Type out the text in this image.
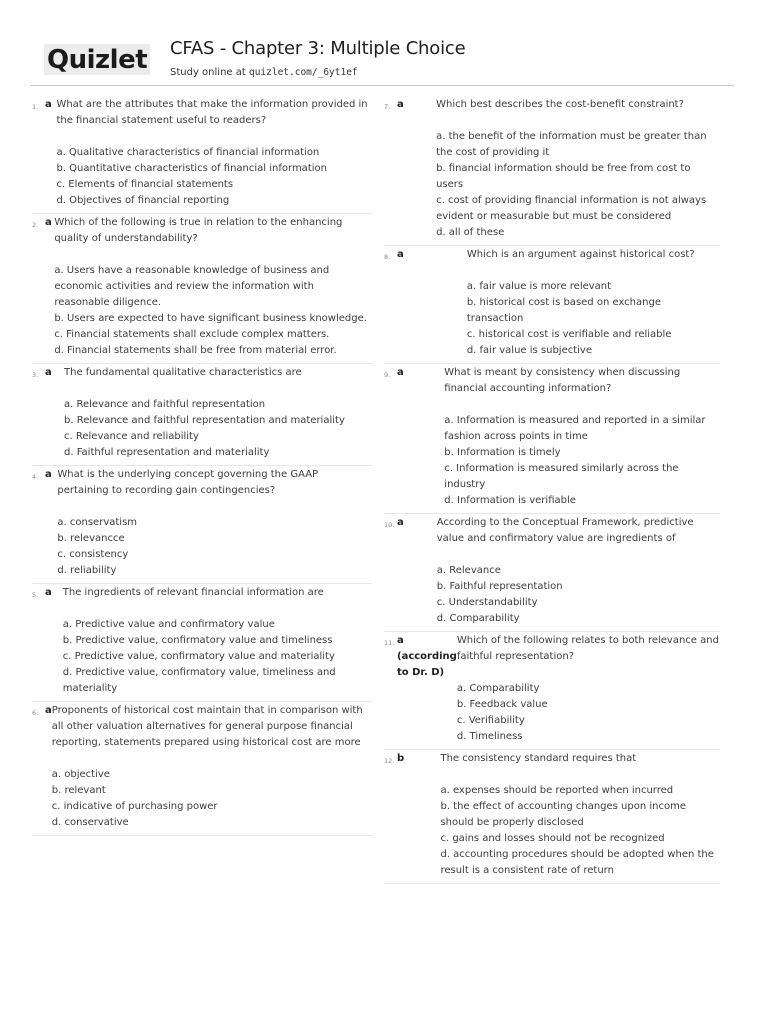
Quizlet CFAS - Chapter 3: Multiple Choice
Study online at quizlet.com/_6yt1ef
1. a What are the attributes that make the information provided in the financial statement useful to readers?
a. Qualitative characteristics of financial information
b. Quantitative characteristics of financial information
c. Elements of financial statements
d. Objectives of financial reporting
2. a Which of the following is true in relation to the enhancing quality of understandability?
a. Users have a reasonable knowledge of business and economic activities and review the information with reasonable diligence.
b. Users are expected to have significant business knowledge.
c. Financial statements shall exclude complex matters.
d. Financial statements shall be free from material error.
3. a	The fundamental qualitative characteristics are
a. Relevance and faithful representation
b. Relevance and faithful representation and materiality
c. Relevance and reliability
d. Faithful representation and materiality
4. a What is the underlying concept governing the GAAP pertaining to recording gain contingencies?
a. conservatism
b. relevancce
c. consistency
d. reliability
5. a	The ingredients of relevant financial information are
a. Predictive value and confirmatory value
b. Predictive value, confirmatory value and timeliness
c. Predictive value, confirmatory value and materiality
d. Predictive value, confirmatory value, timeliness and materiality
6. a Proponents of historical cost maintain that in comparison with all other valuation alternatives for general purpose financial reporting, statements prepared using historical cost are more
a. objective
b. relevant
c. indicative of purchasing power
d. conservative
7. a	Which best describes the cost-benefit constraint?
a. the benefit of the information must be greater than the cost of providing it
b. financial information should be free from cost to users
c. cost of providing financial information is not always evident or measurable but must be considered
d. all of these
8. a	Which is an argument against historical cost?
a. fair value is more relevant
b. historical cost is based on exchange transaction
c. historical cost is verifiable and reliable
d. fair value is subjective
9. a	What is meant by consistency when discussing financial accounting information?
a. Information is measured and reported in a similar fashion across points in time
b. Information is timely
c. Information is measured similarly across the industry
d. Information is verifiable
10. a	According to the Conceptual Framework, predictive value and confirmatory value are ingredients of
a. Relevance
b. Faithful representation
c. Understandability
d. Comparability
11. a (according to Dr. D)
Which of the following relates to both relevance and faithful representation?
a. Comparability
b. Feedback value
c. Verifiability
d. Timeliness
12. b	The consistency standard requires that
a. expenses should be reported when incurred
b. the effect of accounting changes upon income should be properly disclosed
c. gains and losses should not be recognized
d. accounting procedures should be adopted when the result is a consistent rate of return
